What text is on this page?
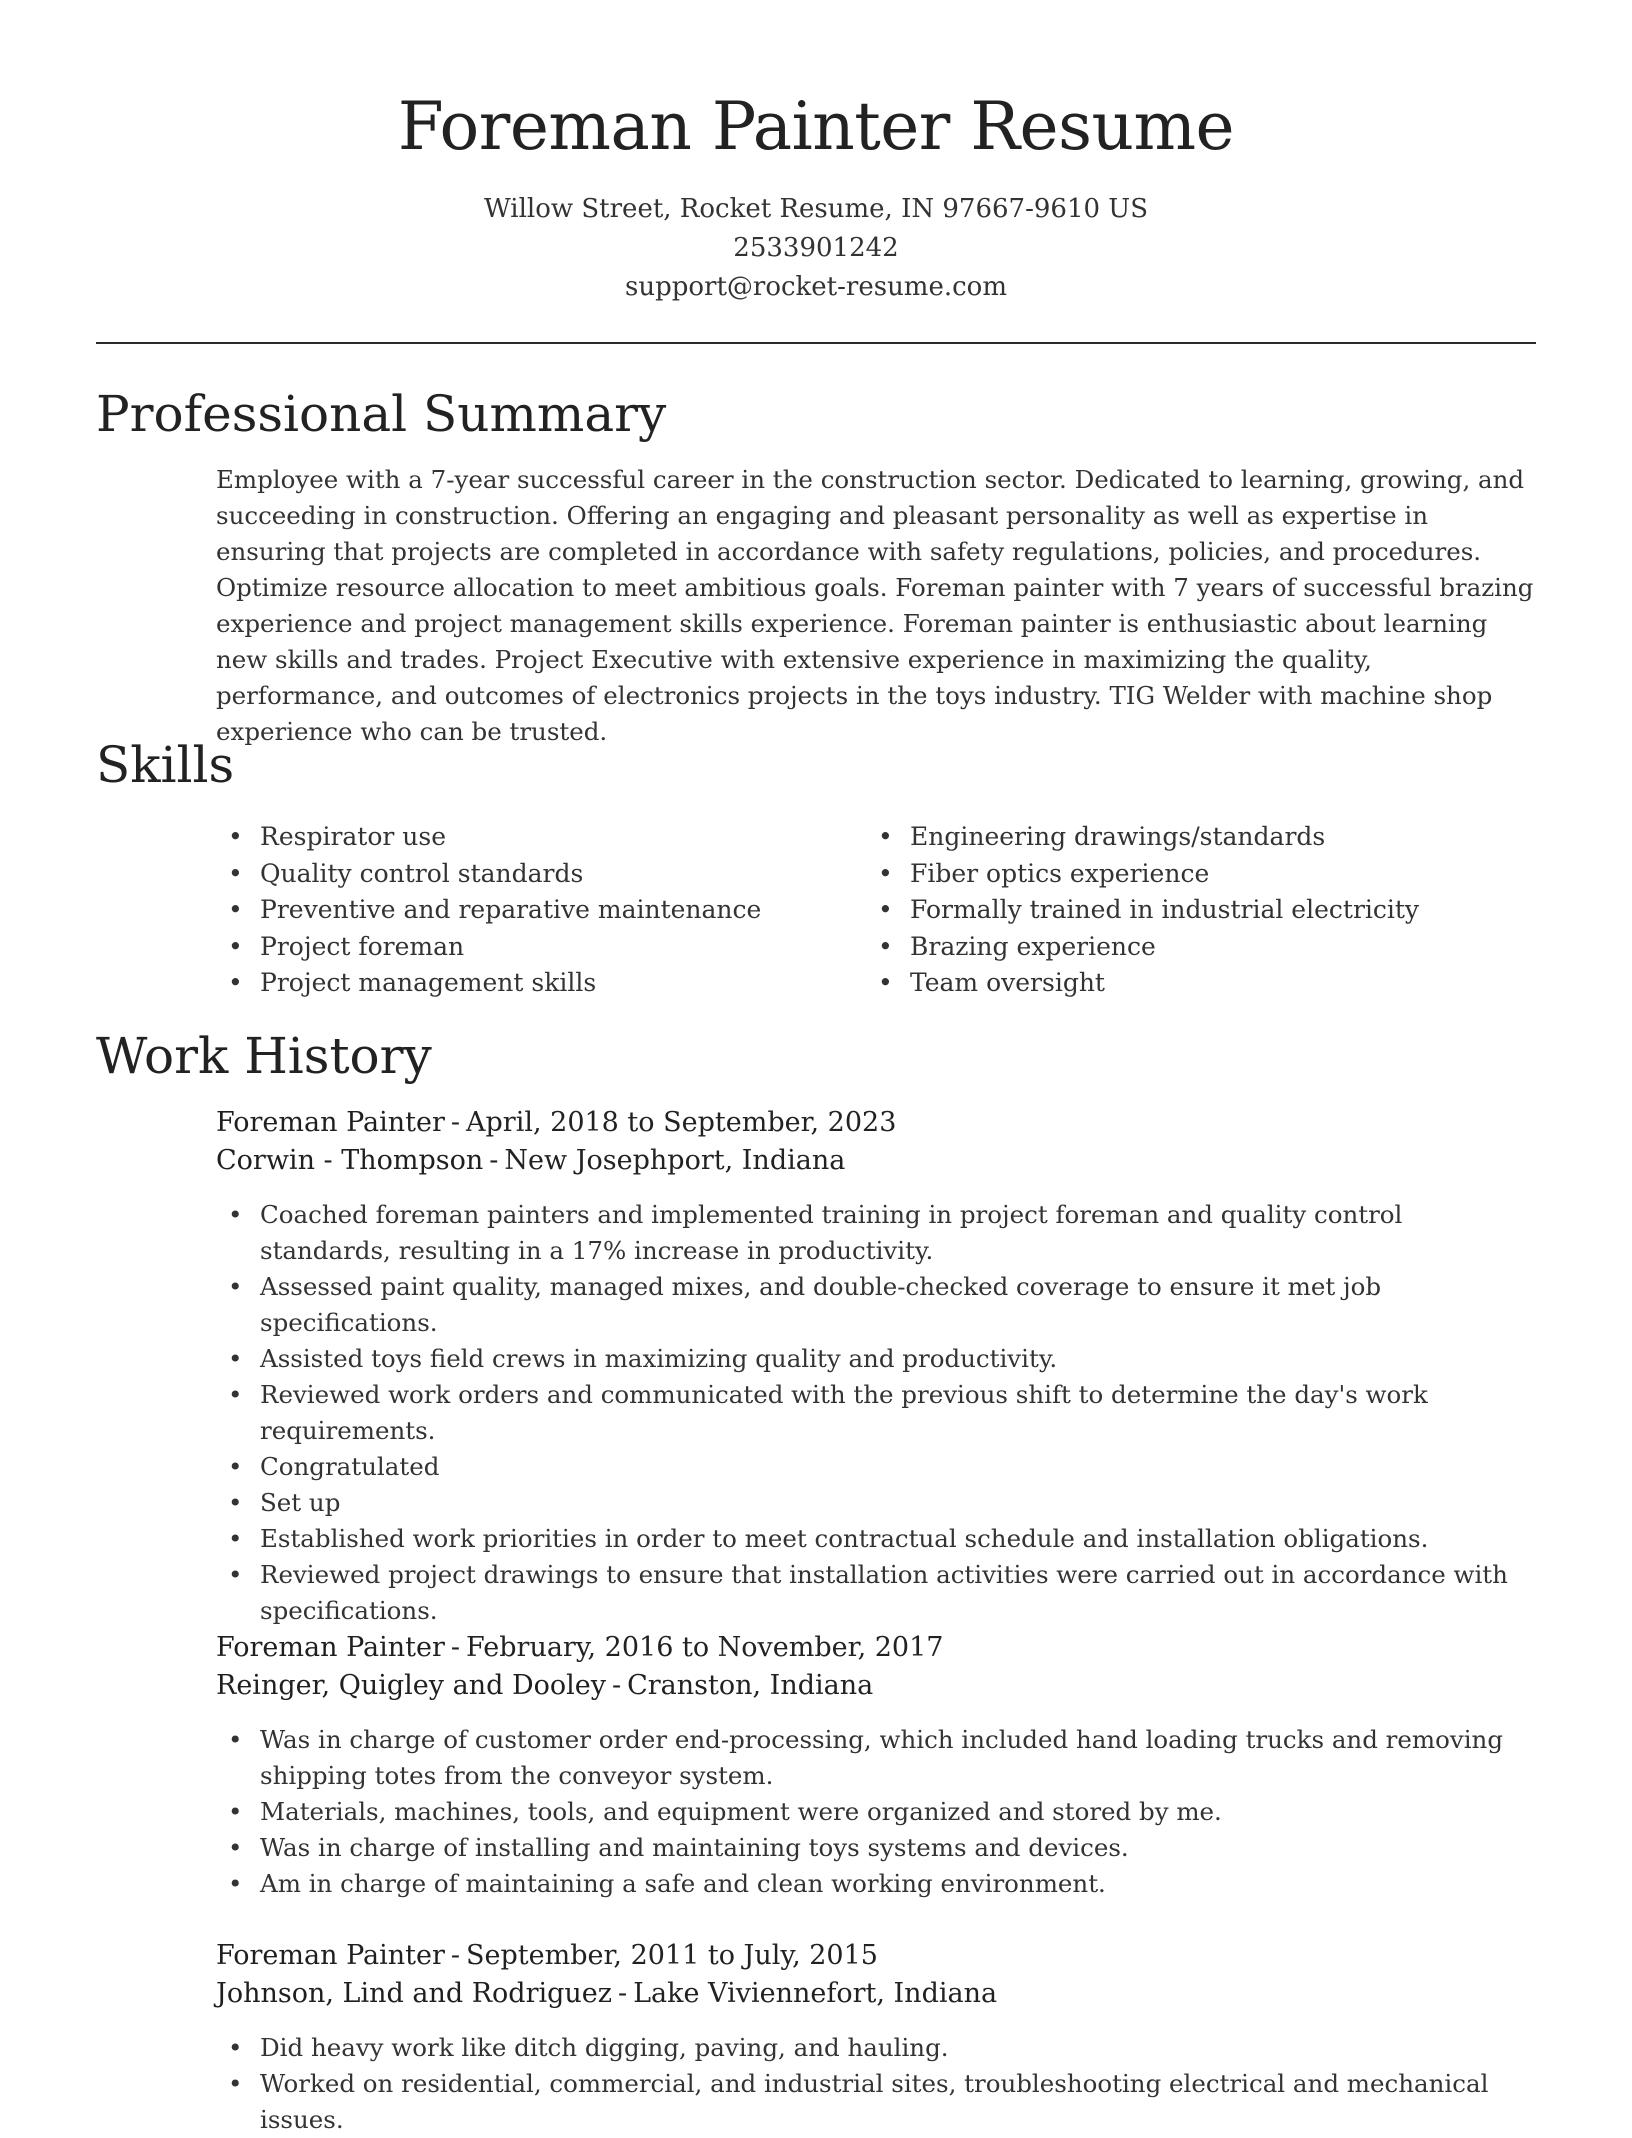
Foreman Painter Resume
Willow Street, Rocket Resume, IN 97667-9610 US
2533901242
support@rocket-resume.com
Professional Summary

Employee with a 7-year successful career in the construction sector. Dedicated to learning, growing, and succeeding in construction. Offering an engaging and pleasant personality as well as expertise in ensuring that projects are completed in accordance with safety regulations, policies, and procedures. Optimize resource allocation to meet ambitious goals. Foreman painter with 7 years of successful brazing experience and project management skills experience. Foreman painter is enthusiastic about learning new skills and trades. Project Executive with extensive experience in maximizing the quality, performance, and outcomes of electronics projects in the toys industry. TIG Welder with machine shop experience who can be trusted.

Skills
• Respirator use
• Quality control standards
• Preventive and reparative maintenance
• Project foreman
• Project management skills
• Engineering drawings/standards
• Fiber optics experience
• Formally trained in industrial electricity
• Brazing experience
• Team oversight
Work History
Foreman Painter - April, 2018 to September, 2023
Corwin - Thompson - New Josephport, Indiana
• Coached foreman painters and implemented training in project foreman and quality control standards, resulting in a 17% increase in productivity.
• Assessed paint quality, managed mixes, and double-checked coverage to ensure it met job specifications.
• Assisted toys field crews in maximizing quality and productivity.
• Reviewed work orders and communicated with the previous shift to determine the day's work requirements.
• Congratulated
• Set up
• Established work priorities in order to meet contractual schedule and installation obligations.
• Reviewed project drawings to ensure that installation activities were carried out in accordance with specifications.
Foreman Painter - February, 2016 to November, 2017
Reinger, Quigley and Dooley - Cranston, Indiana
• Was in charge of customer order end-processing, which included hand loading trucks and removing shipping totes from the conveyor system.
• Materials, machines, tools, and equipment were organized and stored by me.
• Was in charge of installing and maintaining toys systems and devices.
• Am in charge of maintaining a safe and clean working environment.
Foreman Painter - September, 2011 to July, 2015
Johnson, Lind and Rodriguez - Lake Viviennefort, Indiana
• Did heavy work like ditch digging, paving, and hauling.
• Worked on residential, commercial, and industrial sites, troubleshooting electrical and mechanical issues.
